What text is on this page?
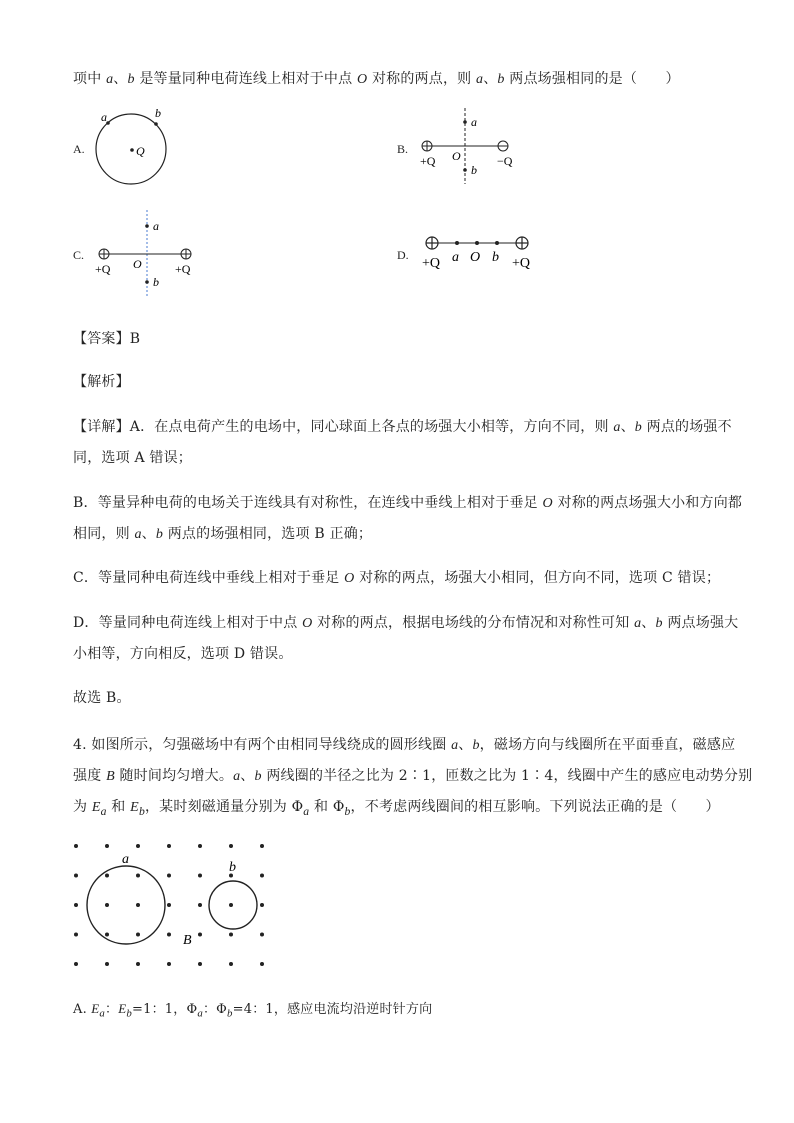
项中 a、b 是等量同种电荷连线上相对于中点 O 对称的两点，则 a、b 两点场强相同的是（　　）
A.
a	b
Q	B.
a
b
O
+Q	−Q
C.
a
b
O
+Q	+Q
D.
+Q a O b +Q
【答案】B
【解析】
【详解】A．在点电荷产生的电场中，同心球面上各点的场强大小相等，方向不同，则 a、b 两点的场强不
同，选项 A 错误；
B．等量异种电荷的电场关于连线具有对称性，在连线中垂线上相对于垂足 O 对称的两点场强大小和方向都
相同，则 a、b 两点的场强相同，选项 B 正确；
C．等量同种电荷连线中垂线上相对于垂足 O 对称的两点，场强大小相同，但方向不同，选项 C 错误；
D．等量同种电荷连线上相对于中点 O 对称的两点，根据电场线的分布情况和对称性可知 a、b 两点场强大
小相等，方向相反，选项 D 错误。
故选 B。
4. 如图所示，匀强磁场中有两个由相同导线绕成的圆形线圈 a、b，磁场方向与线圈所在平面垂直，磁感应
强度 B 随时间均匀增大。a、b 两线圈的半径之比为 2∶1，匝数之比为 1∶4，线圈中产生的感应电动势分别
为 $E_a$ 和 $E_b$，某时刻磁通量分别为 $\Phi_a$ 和 $\Phi_b$，不考虑两线圈间的相互影响。下列说法正确的是（　　）
a
b
B
A. $E_a$：$E_b=1$：1，$\Phi_a$：$\Phi_b=4$：1，感应电流均沿逆时针方向
